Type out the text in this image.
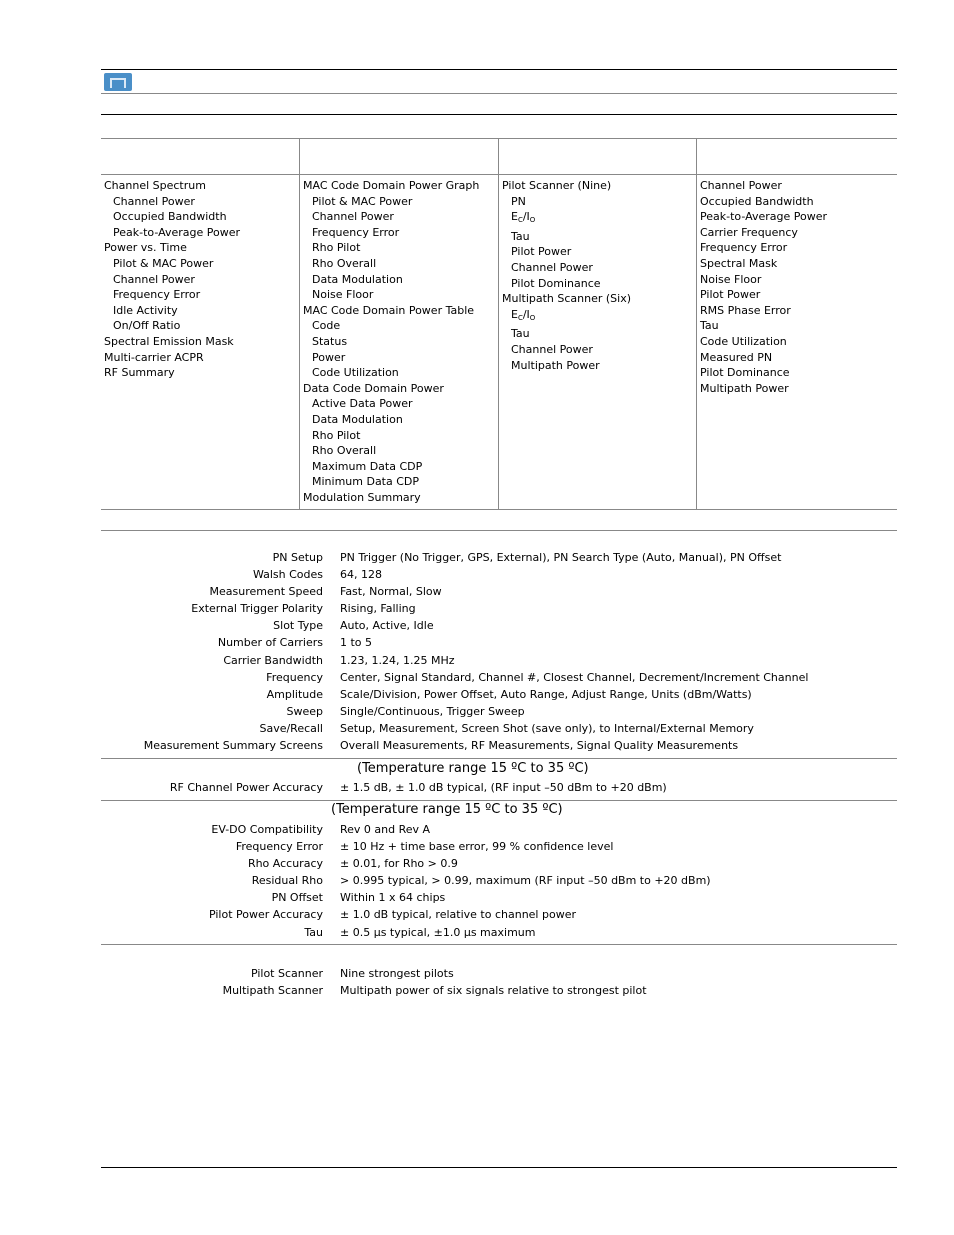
Channel Spectrum
Channel Power
Occupied Bandwidth
Peak-to-Average Power
Power vs. Time
Pilot & MAC Power
Channel Power
Frequency Error
Idle Activity
On/Off Ratio
Spectral Emission Mask
Multi-carrier ACPR
RF Summary
MAC Code Domain Power Graph
Pilot & MAC Power
Channel Power
Frequency Error
Rho Pilot
Rho Overall
Data Modulation
Noise Floor
MAC Code Domain Power Table
Code
Status
Power
Code Utilization
Data Code Domain Power
Active Data Power
Data Modulation
Rho Pilot
Rho Overall
Maximum Data CDP
Minimum Data CDP
Modulation Summary
Pilot Scanner (Nine)
PN
$E_C/I_O$
Tau
Pilot Power
Channel Power
Pilot Dominance
Multipath Scanner (Six)
$E_C/I_O$
Tau
Channel Power
Multipath Power
Channel Power
Occupied Bandwidth
Peak-to-Average Power
Carrier Frequency
Frequency Error
Spectral Mask
Noise Floor
Pilot Power
RMS Phase Error
Tau
Code Utilization
Measured PN
Pilot Dominance
Multipath Power
PN Setup PN Trigger (No Trigger, GPS, External), PN Search Type (Auto, Manual), PN Offset
Walsh Codes 64, 128
Measurement Speed Fast, Normal, Slow
External Trigger Polarity Rising, Falling
Slot Type Auto, Active, Idle
Number of Carriers 1 to 5
Carrier Bandwidth 1.23, 1.24, 1.25 MHz
Frequency Center, Signal Standard, Channel #, Closest Channel, Decrement/Increment Channel
Amplitude Scale/Division, Power Offset, Auto Range, Adjust Range, Units (dBm/Watts)
Sweep Single/Continuous, Trigger Sweep
Save/Recall Setup, Measurement, Screen Shot (save only), to Internal/External Memory
Measurement Summary Screens Overall Measurements, RF Measurements, Signal Quality Measurements
(Temperature range 15 ºC to 35 ºC)
RF Channel Power Accuracy ± 1.5 dB, ± 1.0 dB typical, (RF input –50 dBm to +20 dBm)
(Temperature range 15 ºC to 35 ºC)
EV-DO Compatibility Rev 0 and Rev A
Frequency Error ± 10 Hz + time base error, 99 % confidence level
Rho Accuracy ± 0.01, for Rho > 0.9
Residual Rho > 0.995 typical, > 0.99, maximum (RF input –50 dBm to +20 dBm)
PN Offset Within 1 x 64 chips
Pilot Power Accuracy ± 1.0 dB typical, relative to channel power
Tau ± 0.5 µs typical, ±1.0 µs maximum
Pilot Scanner Nine strongest pilots
Multipath Scanner Multipath power of six signals relative to strongest pilot
